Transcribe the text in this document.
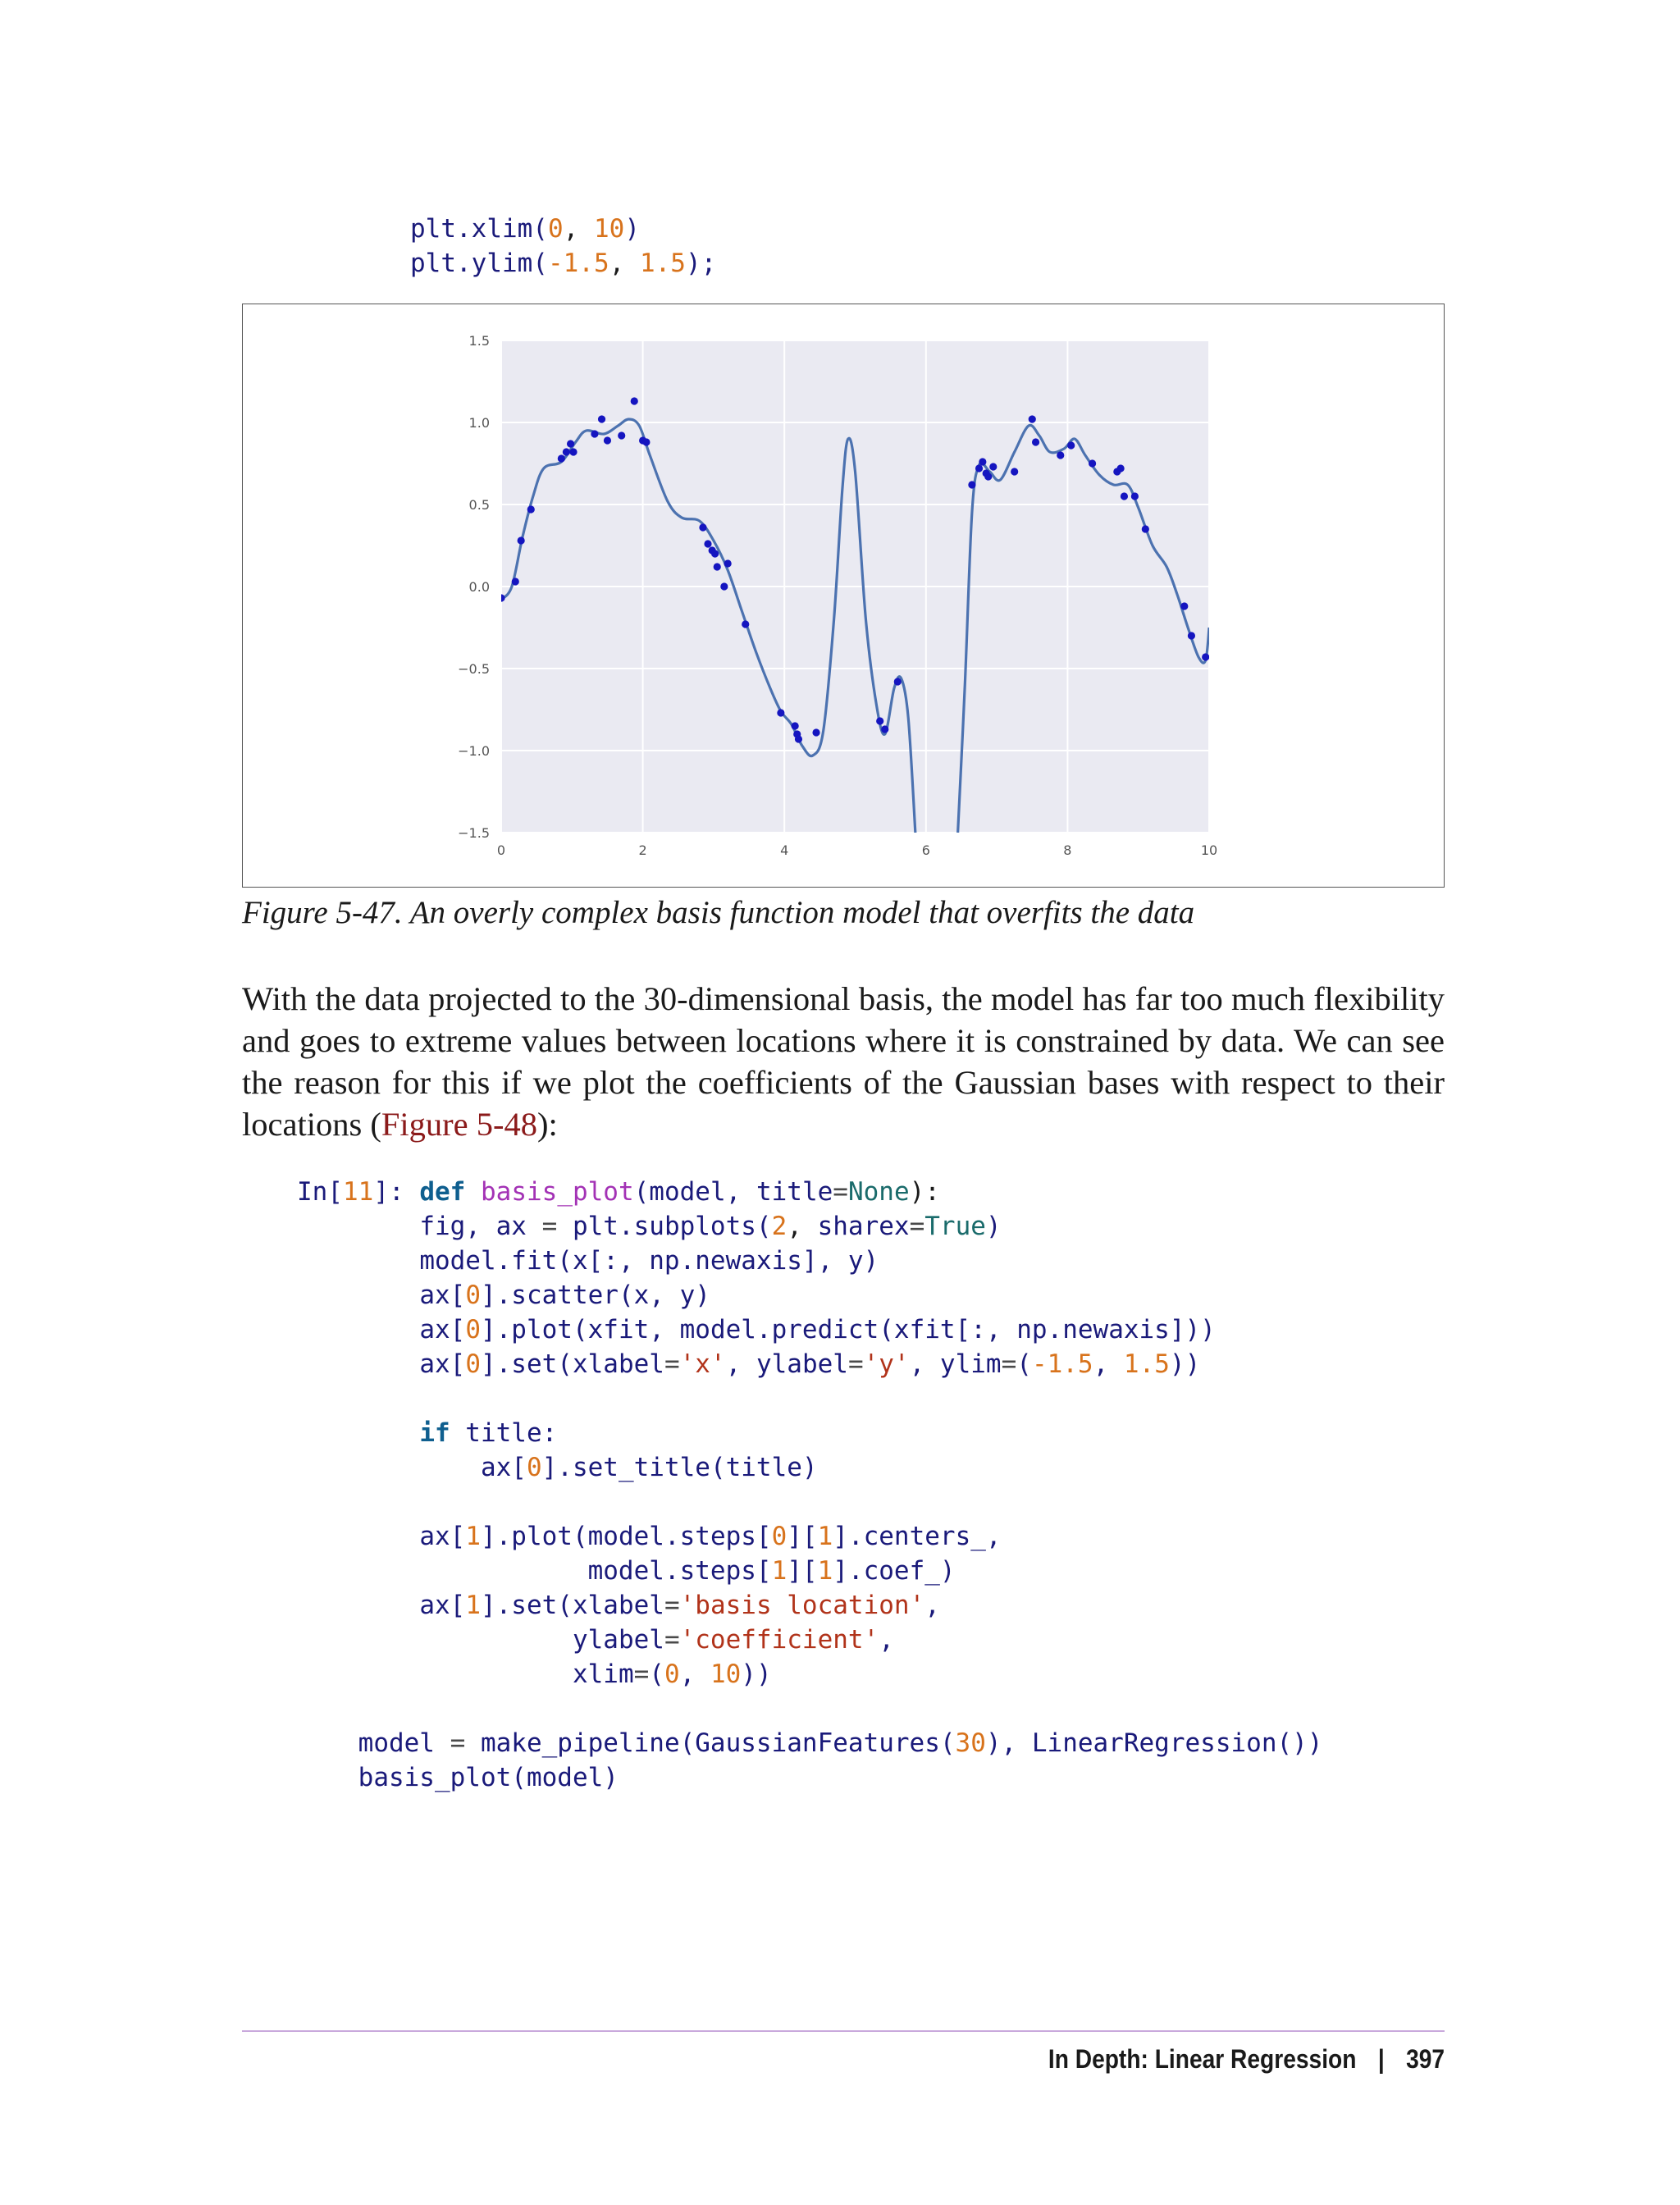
plt.xlim(0, 10)
plt.ylim(-1.5, 1.5);
0	2	4	6	8	10
1.5
1.0
0.5
0.0
−0.5
−1.0
−1.5
Figure 5-47. An overly complex basis function model that overfits the data
With the data projected to the 30-dimensional basis, the model has far too much flexibility and goes to extreme values between locations where it is constrained by data. We can see the reason for this if we plot the coefficients of the Gaussian bases with respect to their locations (Figure 5-48):
In[11]: def basis_plot(model, title=None):
fig, ax = plt.subplots(2, sharex=True)
model.fit(x[:, np.newaxis], y)
ax[0].scatter(x, y)
ax[0].plot(xfit, model.predict(xfit[:, np.newaxis]))
ax[0].set(xlabel='x', ylabel='y', ylim=(-1.5, 1.5))

if title:
ax[0].set_title(title)

ax[1].plot(model.steps[0][1].centers_,
model.steps[1][1].coef_)
ax[1].set(xlabel='basis location',
ylabel='coefficient',
xlim=(0, 10))

model = make_pipeline(GaussianFeatures(30), LinearRegression())
basis_plot(model)
In Depth: Linear Regression | 397
